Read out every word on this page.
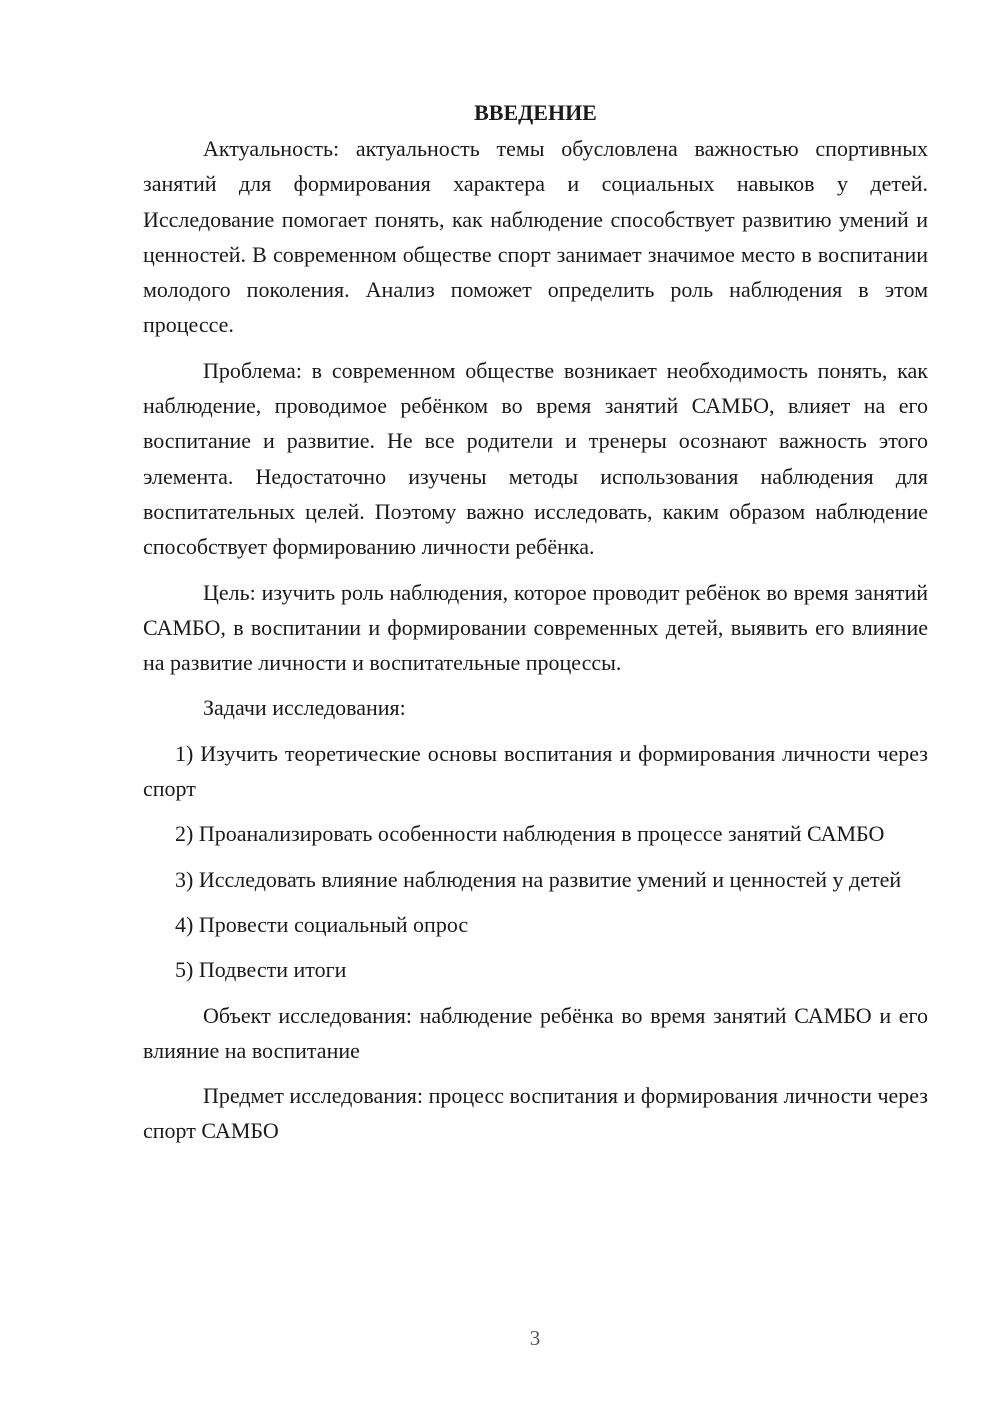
ВВЕДЕНИЕ

Актуальность: актуальность темы обусловлена важностью спортивных занятий для формирования характера и социальных навыков у детей. Исследование помогает понять, как наблюдение способствует развитию умений и ценностей. В современном обществе спорт занимает значимое место в воспитании молодого поколения. Анализ поможет определить роль наблюдения в этом процессе.

Проблема: в современном обществе возникает необходимость понять, как наблюдение, проводимое ребёнком во время занятий САМБО, влияет на его воспитание и развитие. Не все родители и тренеры осознают важность этого элемента. Недостаточно изучены методы использования наблюдения для воспитательных целей. Поэтому важно исследовать, каким образом наблюдение способствует формированию личности ребёнка.

Цель: изучить роль наблюдения, которое проводит ребёнок во время занятий САМБО, в воспитании и формировании современных детей, выявить его влияние на развитие личности и воспитательные процессы.

Задачи исследования:

1) Изучить теоретические основы воспитания и формирования личности через спорт

2) Проанализировать особенности наблюдения в процессе занятий САМБО

3) Исследовать влияние наблюдения на развитие умений и ценностей у детей

4) Провести социальный опрос

5) Подвести итоги

Объект исследования: наблюдение ребёнка во время занятий САМБО и его влияние на воспитание

Предмет исследования: процесс воспитания и формирования личности через спорт САМБО

3
